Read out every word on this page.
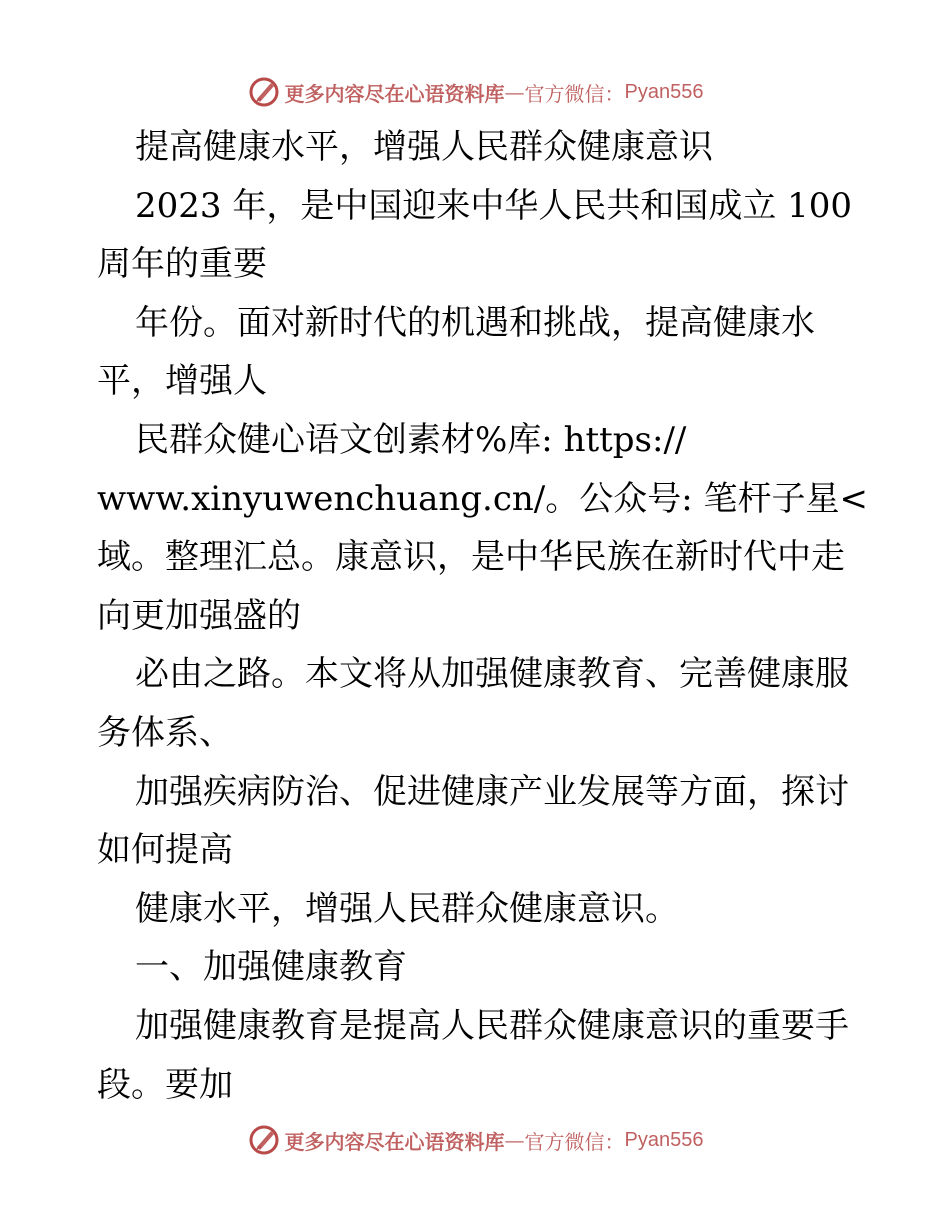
更多内容尽在心语资料库 — 官方微信： Pyan556
提高健康水平，增强人民群众健康意识
2023 年，是中国迎来中华人民共和国成立 100
周年的重要
年份。面对新时代的机遇和挑战，提高健康水
平，增强人
民群众健心语文创素材%库: https://
www.xinyuwenchuang.cn/。公众号: 笔杆子星<
域。整理汇总。康意识，是中华民族在新时代中走
向更加强盛的
必由之路。本文将从加强健康教育、完善健康服
务体系、
加强疾病防治、促进健康产业发展等方面，探讨
如何提高
健康水平，增强人民群众健康意识。
一、加强健康教育
加强健康教育是提高人民群众健康意识的重要手
段。要加
更多内容尽在心语资料库 — 官方微信： Pyan556
